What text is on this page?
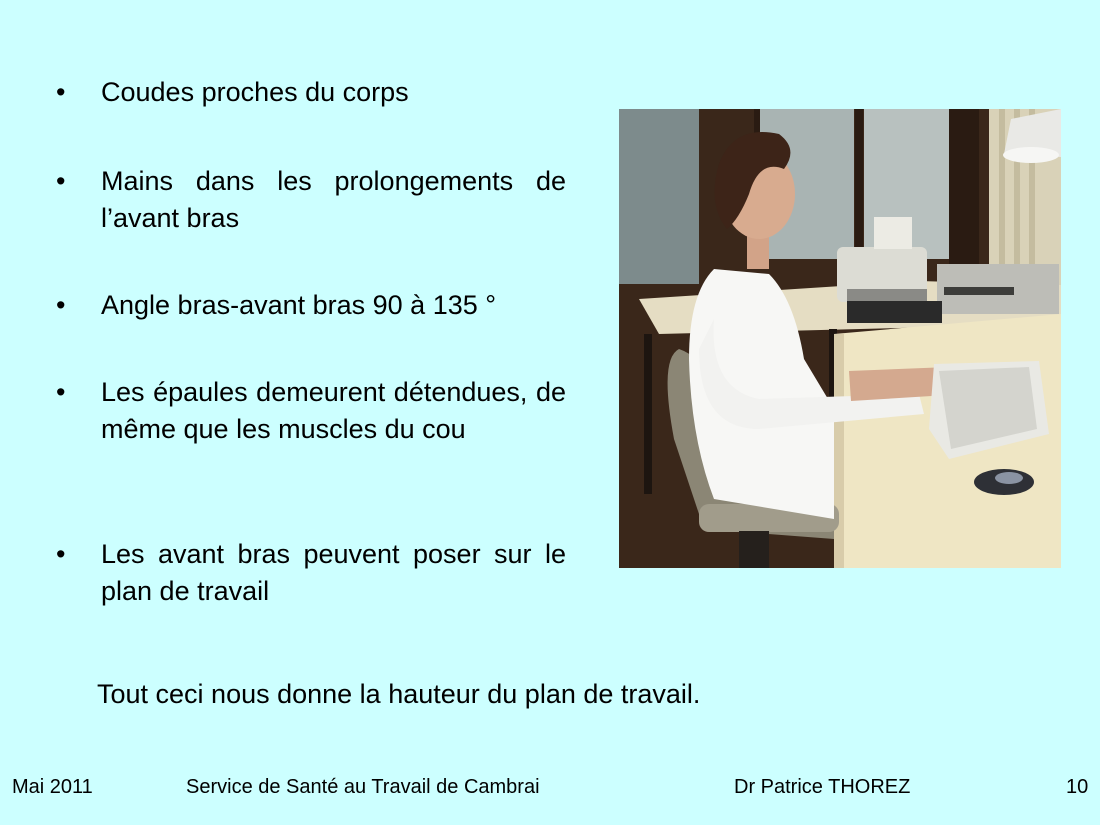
•	Coudes proches du corps
•	Mains dans les prolongements de l’avant bras
•	Angle bras-avant bras 90 à 135 °
•	Les épaules demeurent détendues, de même que les muscles du cou
•	Les avant bras peuvent poser sur le plan de travail
Tout ceci nous donne la hauteur du plan de travail.
Mai 2011	Service de Santé au Travail de Cambrai	Dr Patrice THOREZ	10
